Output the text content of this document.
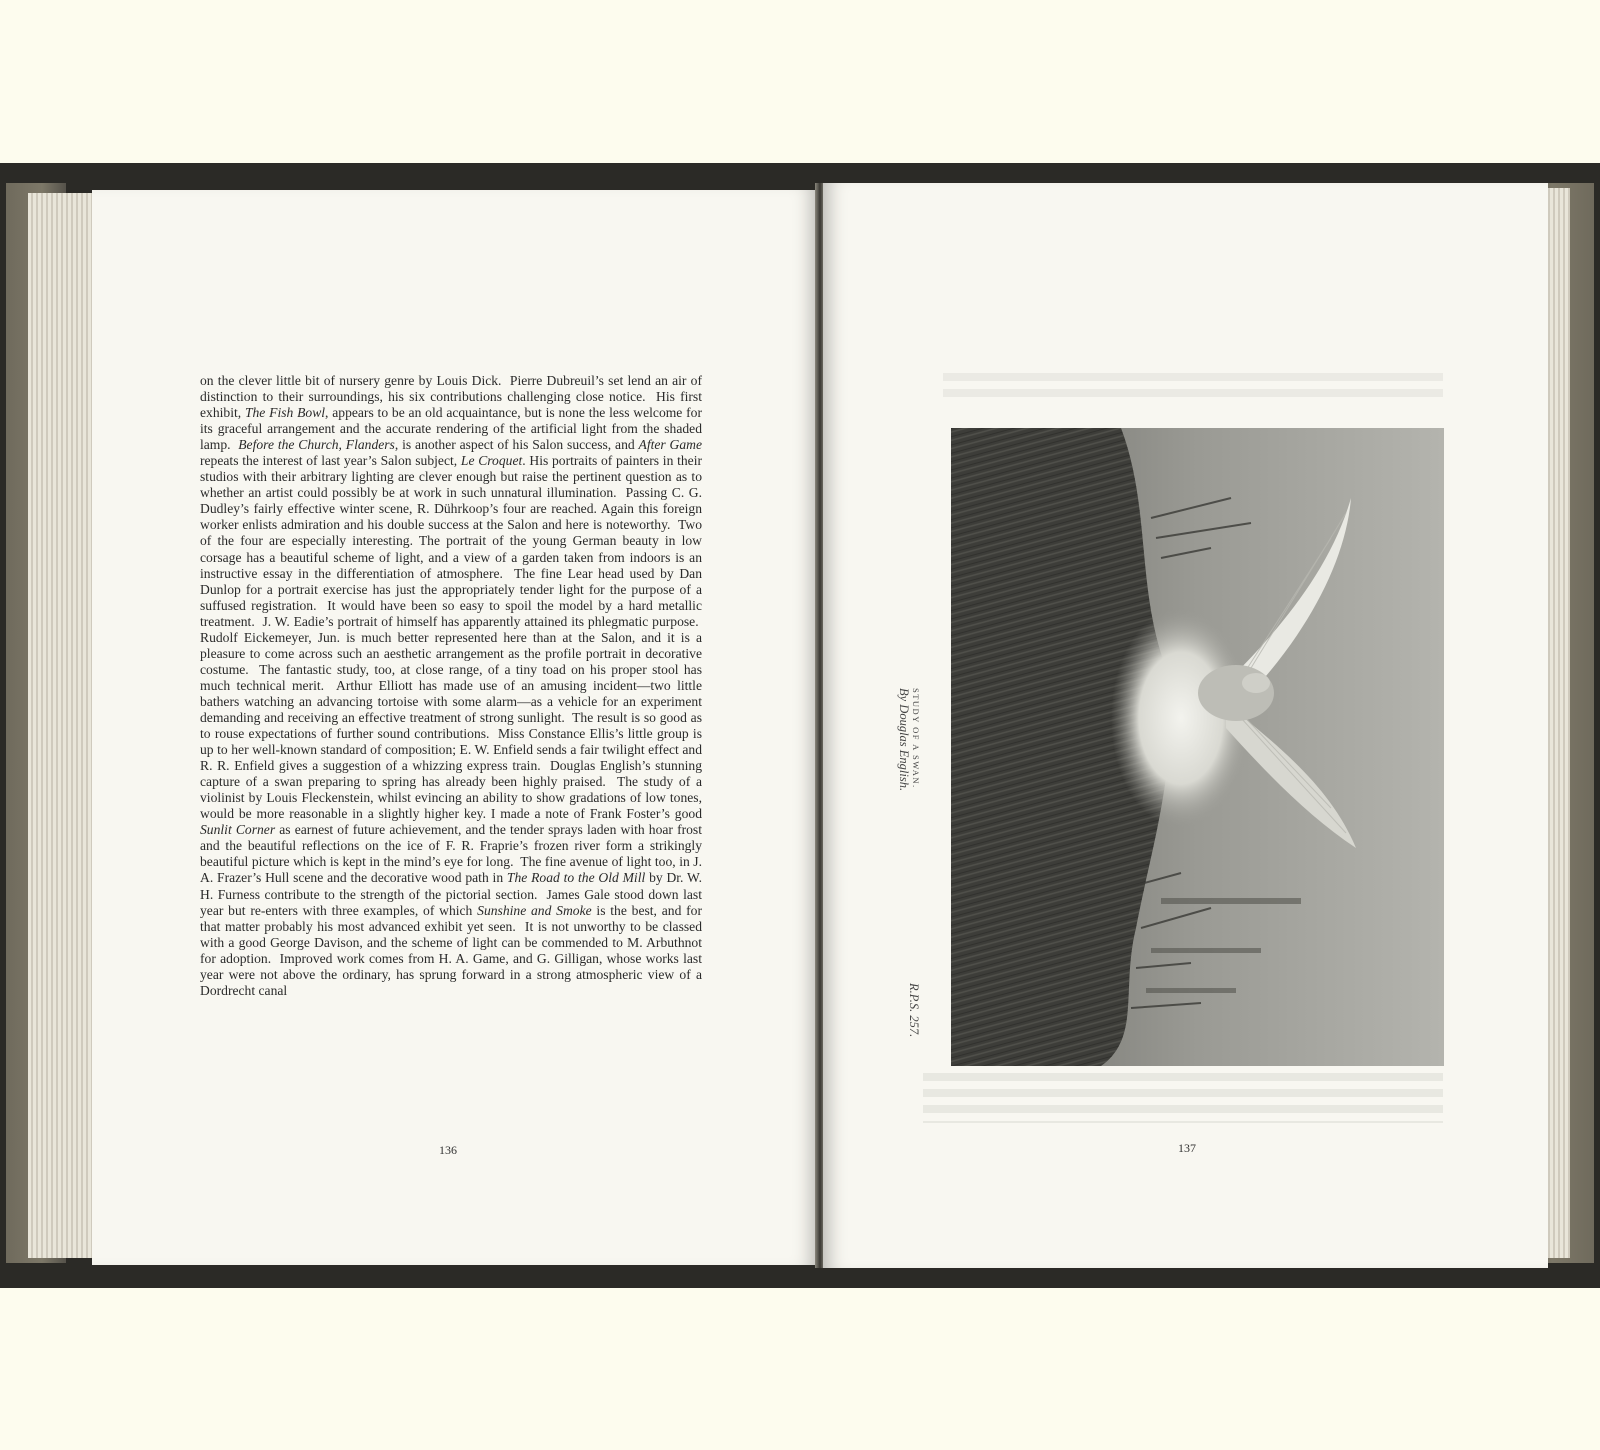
on the clever little bit of nursery genre by Louis Dick.  Pierre Dubreuil’s set lend an air of distinction to their surroundings, his six contributions challenging close notice.  His first exhibit, The Fish Bowl, appears to be an old acquaintance, but is none the less welcome for its graceful arrangement and the accurate rendering of the artificial light from the shaded lamp.  Before the Church, Flanders, is another aspect of his Salon success, and After Game repeats the interest of last year’s Salon subject, Le Croquet. His portraits of painters in their studios with their arbitrary lighting are clever enough but raise the pertinent question as to whether an artist could possibly be at work in such unnatural illumination.  Passing C. G. Dudley’s fairly effective winter scene, R. Dührkoop’s four are reached. Again this foreign worker enlists admiration and his double success at the Salon and here is noteworthy.  Two of the four are especially interesting. The portrait of the young German beauty in low corsage has a beautiful scheme of light, and a view of a garden taken from indoors is an instructive essay in the differentiation of atmosphere.  The fine Lear head used by Dan Dunlop for a portrait exercise has just the appropriately tender light for the purpose of a suffused registration.  It would have been so easy to spoil the model by a hard metallic treatment.  J. W. Eadie’s portrait of himself has apparently attained its phlegmatic purpose.  Rudolf Eickemeyer, Jun. is much better represented here than at the Salon, and it is a pleasure to come across such an aesthetic arrangement as the profile portrait in decorative costume.  The fantastic study, too, at close range, of a tiny toad on his proper stool has much technical merit.  Arthur Elliott has made use of an amusing incident—two little bathers watching an advancing tortoise with some alarm—as a vehicle for an experiment demanding and receiving an effective treatment of strong sunlight.  The result is so good as to rouse expectations of further sound contributions.  Miss Constance Ellis’s little group is up to her well-known standard of composition; E. W. Enfield sends a fair twilight effect and R. R. Enfield gives a suggestion of a whizzing express train.  Douglas English’s stunning capture of a swan preparing to spring has already been highly praised.  The study of a violinist by Louis Fleckenstein, whilst evincing an ability to show gradations of low tones, would be more reasonable in a slightly higher key. I made a note of Frank Foster’s good Sunlit Corner as earnest of future achievement, and the tender sprays laden with hoar frost and the beautiful reflections on the ice of F. R. Fraprie’s frozen river form a strikingly beautiful picture which is kept in the mind’s eye for long.  The fine avenue of light too, in J. A. Frazer’s Hull scene and the decorative wood path in The Road to the Old Mill by Dr. W. H. Furness contribute to the strength of the pictorial section.  James Gale stood down last year but re-enters with three examples, of which Sunshine and Smoke is the best, and for that matter probably his most advanced exhibit yet seen.  It is not unworthy to be classed with a good George Davison, and the scheme of light can be commended to M. Arbuthnot for adoption.  Improved work comes from H. A. Game, and G. Gilligan, whose works last year were not above the ordinary, has sprung forward in a strong atmospheric view of a Dordrecht canal

136
STUDY OF A SWAN.
By Douglas English.
R.P.S. 257.
137
